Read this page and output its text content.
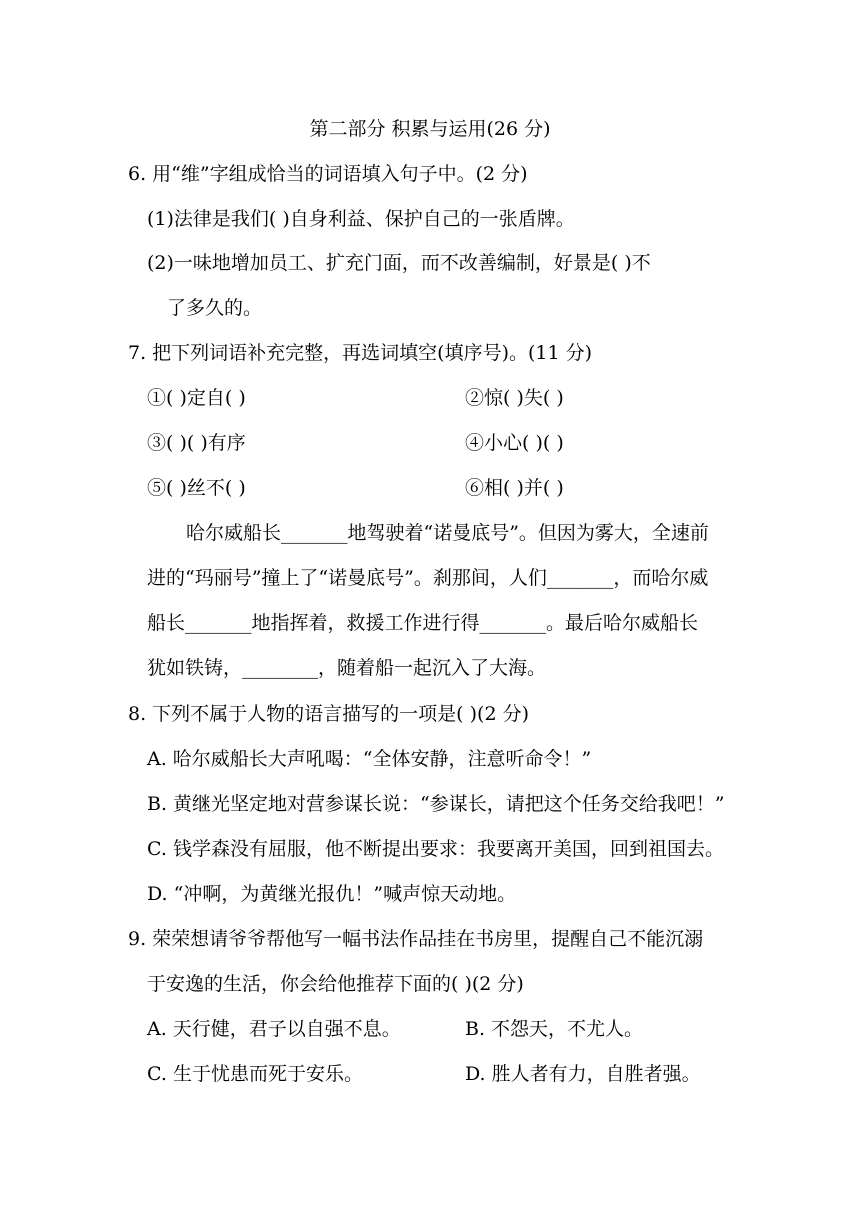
第二部分 积累与运用(26 分)
6. 用“维”字组成恰当的词语填入句子中。(2 分)
(1)法律是我们( )自身利益、保护自己的一张盾牌。
(2)一味地增加员工、扩充门面，而不改善编制，好景是( )不
了多久的。
7. 把下列词语补充完整，再选词填空(填序号)。(11 分)
①( )定自( )	②惊( )失( )
③( )( )有序	④小心( )( )
⑤( )丝不( )	⑥相( )并( )
哈尔威船长_______地驾驶着“诺曼底号”。但因为雾大，全速前
进的“玛丽号”撞上了“诺曼底号”。刹那间，人们_______，而哈尔威
船长_______地指挥着，救援工作进行得_______。最后哈尔威船长
犹如铁铸，________，随着船一起沉入了大海。
8. 下列不属于人物的语言描写的一项是( )(2 分)
A. 哈尔威船长大声吼喝：“全体安静，注意听命令！”
B. 黄继光坚定地对营参谋长说：“参谋长，请把这个任务交给我吧！”
C. 钱学森没有屈服，他不断提出要求：我要离开美国，回到祖国去。
D. “冲啊，为黄继光报仇！”喊声惊天动地。
9. 荣荣想请爷爷帮他写一幅书法作品挂在书房里，提醒自己不能沉溺
于安逸的生活，你会给他推荐下面的( )(2 分)
A. 天行健，君子以自强不息。	B. 不怨天，不尤人。
C. 生于忧患而死于安乐。	D. 胜人者有力，自胜者强。
